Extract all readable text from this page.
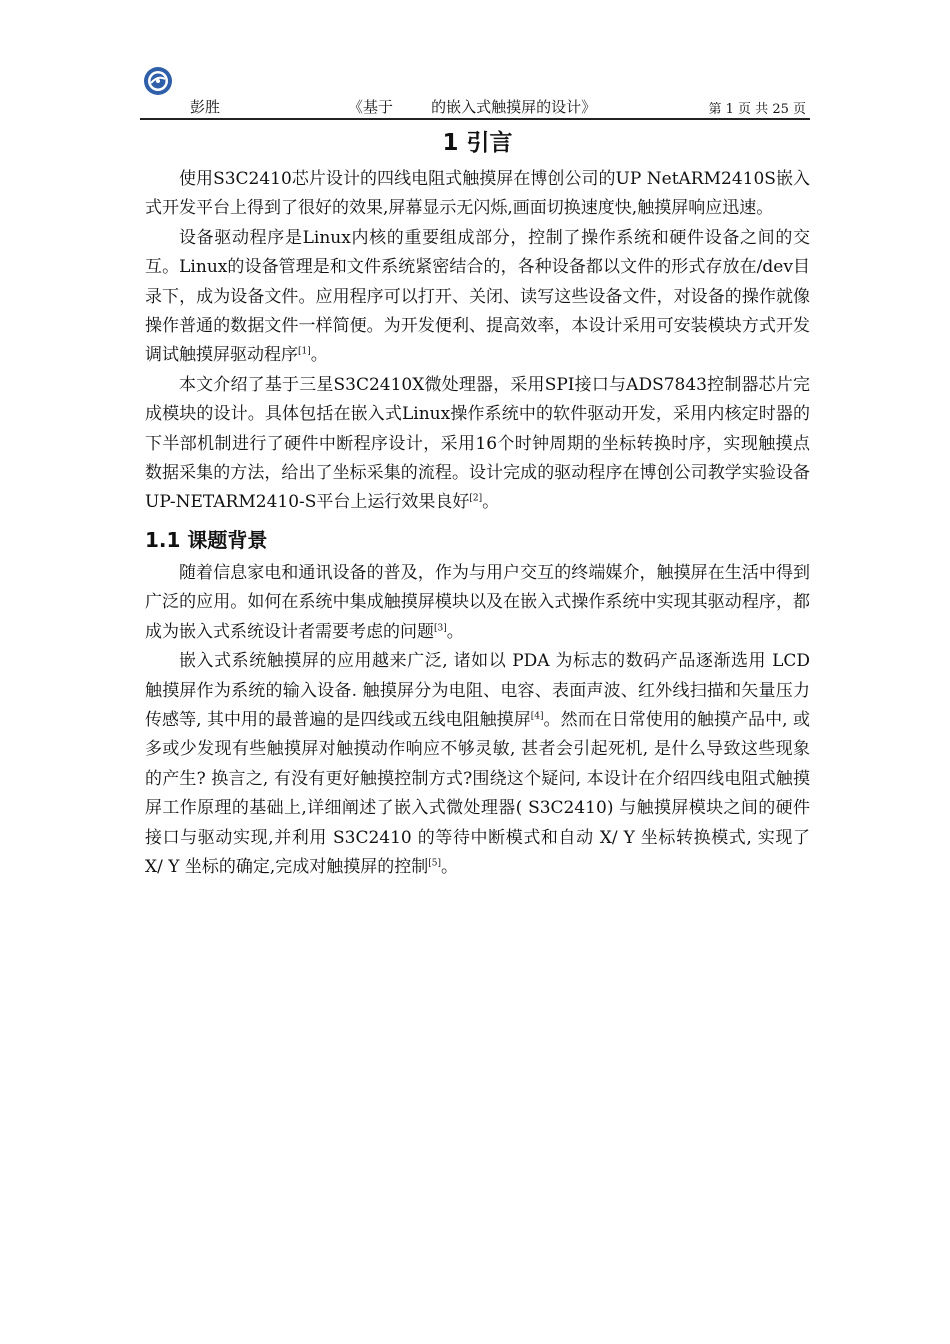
彭胜	《基于        的嵌入式触摸屏的设计》	第 1 页 共 25 页
1 引言

使用S3C2410芯片设计的四线电阻式触摸屏在博创公司的UP NetARM2410S嵌入式开发平台上得到了很好的效果,屏幕显示无闪烁,画面切换速度快,触摸屏响应迅速。

设备驱动程序是Linux内核的重要组成部分，控制了操作系统和硬件设备之间的交互。Linux的设备管理是和文件系统紧密结合的，各种设备都以文件的形式存放在/dev目录下，成为设备文件。应用程序可以打开、关闭、读写这些设备文件，对设备的操作就像操作普通的数据文件一样简便。为开发便利、提高效率，本设计采用可安装模块方式开发调试触摸屏驱动程序[1]。

本文介绍了基于三星S3C2410X微处理器，采用SPI接口与ADS7843控制器芯片完成模块的设计。具体包括在嵌入式Linux操作系统中的软件驱动开发，采用内核定时器的下半部机制进行了硬件中断程序设计，采用16个时钟周期的坐标转换时序，实现触摸点数据采集的方法，给出了坐标采集的流程。设计完成的驱动程序在博创公司教学实验设备UP-NETARM2410-S平台上运行效果良好[2]。

1.1 课题背景

随着信息家电和通讯设备的普及，作为与用户交互的终端媒介，触摸屏在生活中得到广泛的应用。如何在系统中集成触摸屏模块以及在嵌入式操作系统中实现其驱动程序，都成为嵌入式系统设计者需要考虑的问题[3]。

嵌入式系统触摸屏的应用越来广泛, 诸如以 PDA 为标志的数码产品逐渐选用 LCD 触摸屏作为系统的输入设备. 触摸屏分为电阻、电容、表面声波、红外线扫描和矢量压力传感等, 其中用的最普遍的是四线或五线电阻触摸屏[4]。然而在日常使用的触摸产品中, 或多或少发现有些触摸屏对触摸动作响应不够灵敏, 甚者会引起死机, 是什么导致这些现象的产生? 换言之, 有没有更好触摸控制方式?围绕这个疑问, 本设计在介绍四线电阻式触摸屏工作原理的基础上,详细阐述了嵌入式微处理器( S3C2410) 与触摸屏模块之间的硬件接口与驱动实现,并利用 S3C2410 的等待中断模式和自动 X/ Y 坐标转换模式, 实现了 X/ Y 坐标的确定,完成对触摸屏的控制[5]。
